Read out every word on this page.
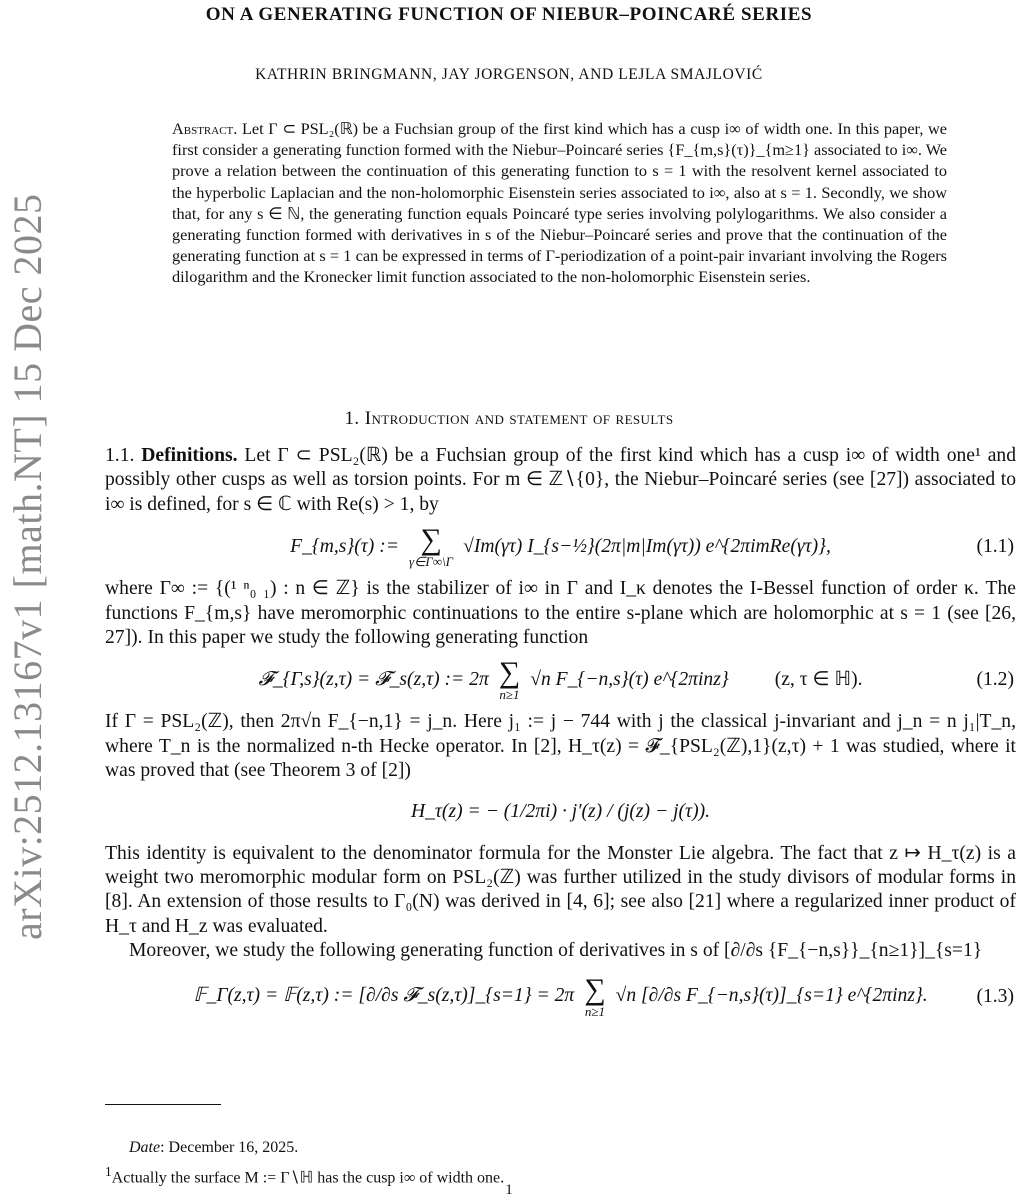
arXiv:2512.13167v1 [math.NT] 15 Dec 2025
ON A GENERATING FUNCTION OF NIEBUR–POINCARÉ SERIES
KATHRIN BRINGMANN, JAY JORGENSON, AND LEJLA SMAJLOVIĆ
Abstract. Let Γ ⊂ PSL₂(ℝ) be a Fuchsian group of the first kind which has a cusp i∞ of width one. In this paper, we first consider a generating function formed with the Niebur–Poincaré series {F_{m,s}(τ)}_{m≥1} associated to i∞. We prove a relation between the continuation of this generating function to s = 1 with the resolvent kernel associated to the hyperbolic Laplacian and the non-holomorphic Eisenstein series associated to i∞, also at s = 1. Secondly, we show that, for any s ∈ ℕ, the generating function equals Poincaré type series involving polylogarithms. We also consider a generating function formed with derivatives in s of the Niebur–Poincaré series and prove that the continuation of the generating function at s = 1 can be expressed in terms of Γ-periodization of a point-pair invariant involving the Rogers dilogarithm and the Kronecker limit function associated to the non-holomorphic Eisenstein series.
1. Introduction and statement of results

1.1. Definitions. Let Γ ⊂ PSL₂(ℝ) be a Fuchsian group of the first kind which has a cusp i∞ of width one¹ and possibly other cusps as well as torsion points. For m ∈ ℤ∖{0}, the Niebur–Poincaré series (see [27]) associated to i∞ is defined, for s ∈ ℂ with Re(s) > 1, by

F_{m,s}(τ) := ∑
γ∈Γ∞\Γ
√Im(γτ) I_{s−½}(2π|m|Im(γτ)) e^{2πimRe(γτ)},	(1.1)

where Γ∞ := {(¹ ⁿ₀ ₁) : n ∈ ℤ} is the stabilizer of i∞ in Γ and I_κ denotes the I-Bessel function of order κ. The functions F_{m,s} have meromorphic continuations to the entire s-plane which are holomorphic at s = 1 (see [26, 27]). In this paper we study the following generating function

𝓕_{Γ,s}(z,τ) = 𝓕_s(z,τ) := 2π ∑
n≥1
√n F_{−n,s}(τ) e^{2πinz} (z, τ ∈ ℍ).	(1.2)

If Γ = PSL₂(ℤ), then 2π√n F_{−n,1} = j_n. Here j₁ := j − 744 with j the classical j-invariant and j_n = n j₁|T_n, where T_n is the normalized n-th Hecke operator. In [2], H_τ(z) = 𝓕_{PSL₂(ℤ),1}(z,τ) + 1 was studied, where it was proved that (see Theorem 3 of [2])

H_τ(z) = − (1/2πi) · j′(z) / (j(z) − j(τ)).

This identity is equivalent to the denominator formula for the Monster Lie algebra. The fact that z ↦ H_τ(z) is a weight two meromorphic modular form on PSL₂(ℤ) was further utilized in the study divisors of modular forms in [8]. An extension of those results to Γ₀(N) was derived in [4, 6]; see also [21] where a regularized inner product of H_τ and H_z was evaluated.

Moreover, we study the following generating function of derivatives in s of [∂/∂s {F_{−n,s}}_{n≥1}]_{s=1}

𝔽_Γ(z,τ) = 𝔽(z,τ) := [∂/∂s 𝓕_s(z,τ)]_{s=1} = 2π ∑
n≥1
√n [∂/∂s F_{−n,s}(τ)]_{s=1} e^{2πinz}. (1.3)
Date: December 16, 2025.
$^1$Actually the surface M := Γ∖ℍ has the cusp i∞ of width one.
1
